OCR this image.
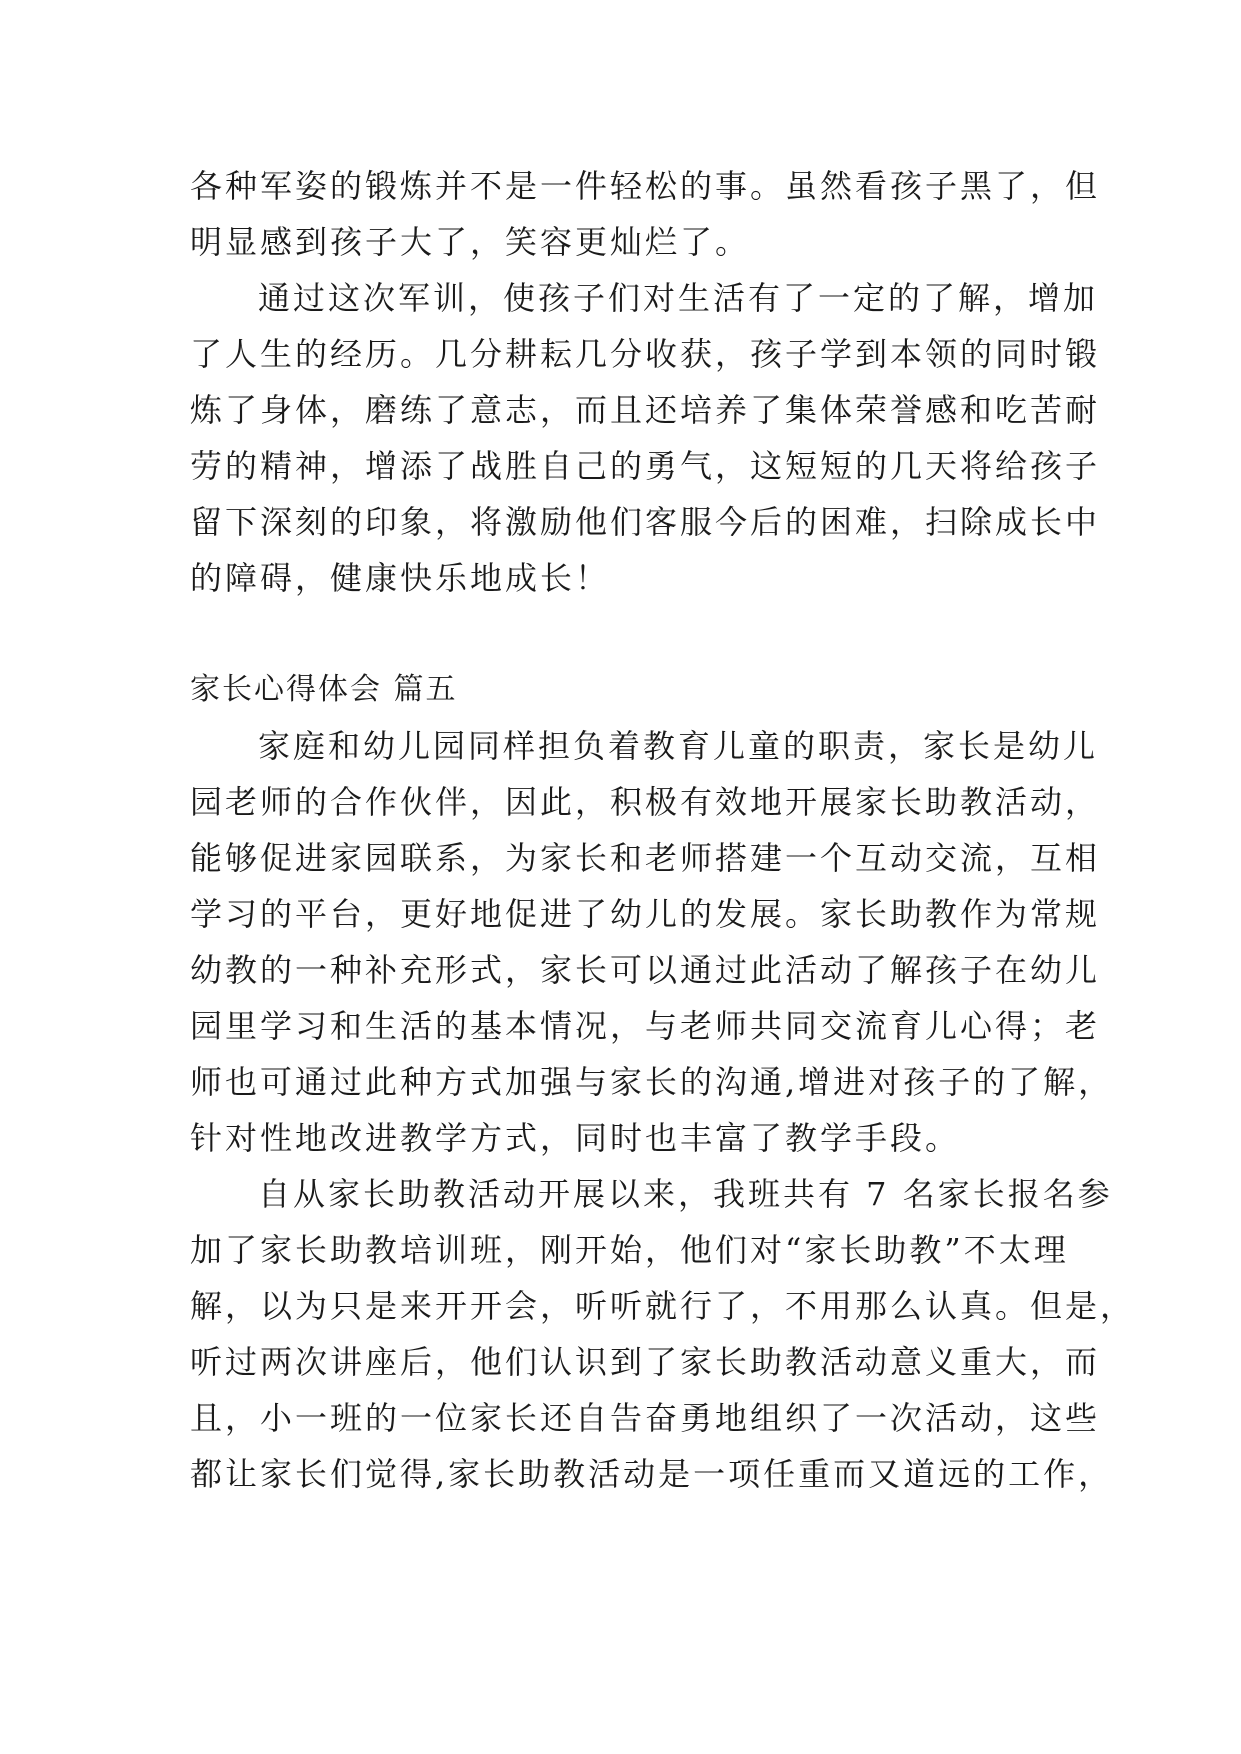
各种军姿的锻炼并不是一件轻松的事。虽然看孩子黑了，但
明显感到孩子大了，笑容更灿烂了。
通过这次军训，使孩子们对生活有了一定的了解，增加
了人生的经历。几分耕耘几分收获，孩子学到本领的同时锻
炼了身体，磨练了意志，而且还培养了集体荣誉感和吃苦耐
劳的精神，增添了战胜自己的勇气，这短短的几天将给孩子
留下深刻的印象，将激励他们客服今后的困难，扫除成长中
的障碍，健康快乐地成长！
家长心得体会 篇五
家庭和幼儿园同样担负着教育儿童的职责，家长是幼儿
园老师的合作伙伴，因此，积极有效地开展家长助教活动，
能够促进家园联系，为家长和老师搭建一个互动交流，互相
学习的平台，更好地促进了幼儿的发展。家长助教作为常规
幼教的一种补充形式，家长可以通过此活动了解孩子在幼儿
园里学习和生活的基本情况，与老师共同交流育儿心得；老
师也可通过此种方式加强与家长的沟通,增进对孩子的了解，
针对性地改进教学方式，同时也丰富了教学手段。
自从家长助教活动开展以来，我班共有 7 名家长报名参
加了家长助教培训班，刚开始，他们对“家长助教”不太理
解，以为只是来开开会，听听就行了，不用那么认真。但是，
听过两次讲座后，他们认识到了家长助教活动意义重大，而
且，小一班的一位家长还自告奋勇地组织了一次活动，这些
都让家长们觉得,家长助教活动是一项任重而又道远的工作，
